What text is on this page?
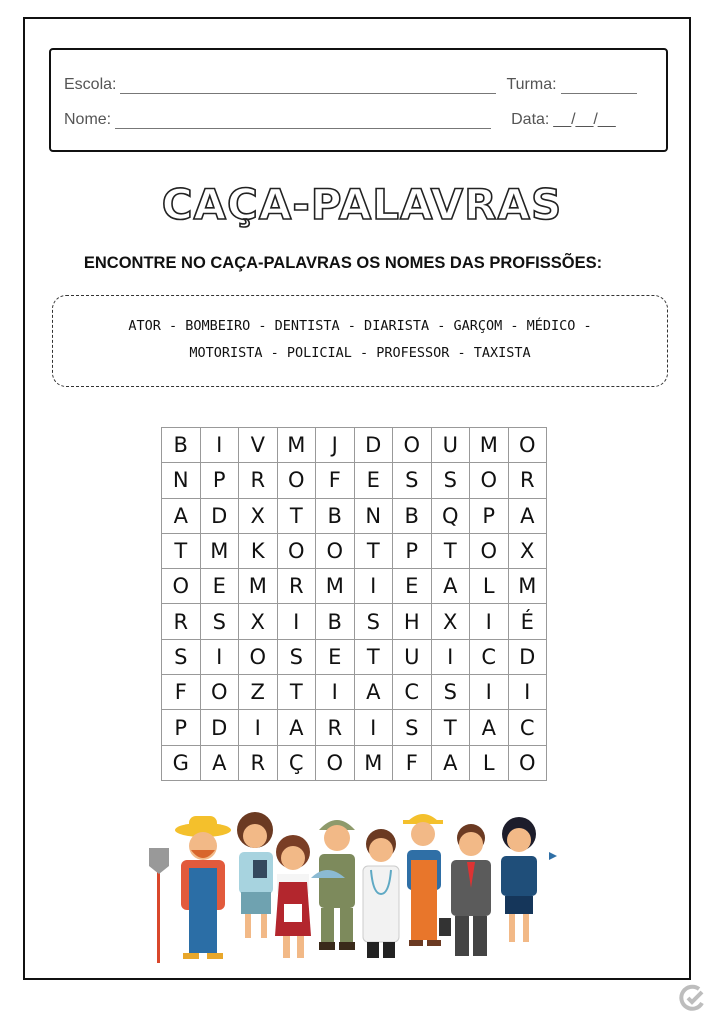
Escola:	Turma:
Nome:	Data: __/__/__
CAÇA-PALAVRAS
ENCONTRE NO CAÇA-PALAVRAS OS NOMES DAS PROFISSÕES:
ATOR - BOMBEIRO - DENTISTA - DIARISTA - GARÇOM - MÉDICO -
MOTORISTA - POLICIAL - PROFESSOR - TAXISTA
B	I	V	M	J	D	O	U	M	O
N	P	R	O	F	E	S	S	O	R
A	D	X	T	B	N	B	Q	P	A
T	M	K	O	O	T	P	T	O	X
O	E	M	R	M	I	E	A	L	M
R	S	X	I	B	S	H	X	I	É
S	I	O	S	E	T	U	I	C	D
F	O	Z	T	I	A	C	S	I	I
P	D	I	A	R	I	S	T	A	C
G	A	R	Ç	O	M	F	A	L	O
